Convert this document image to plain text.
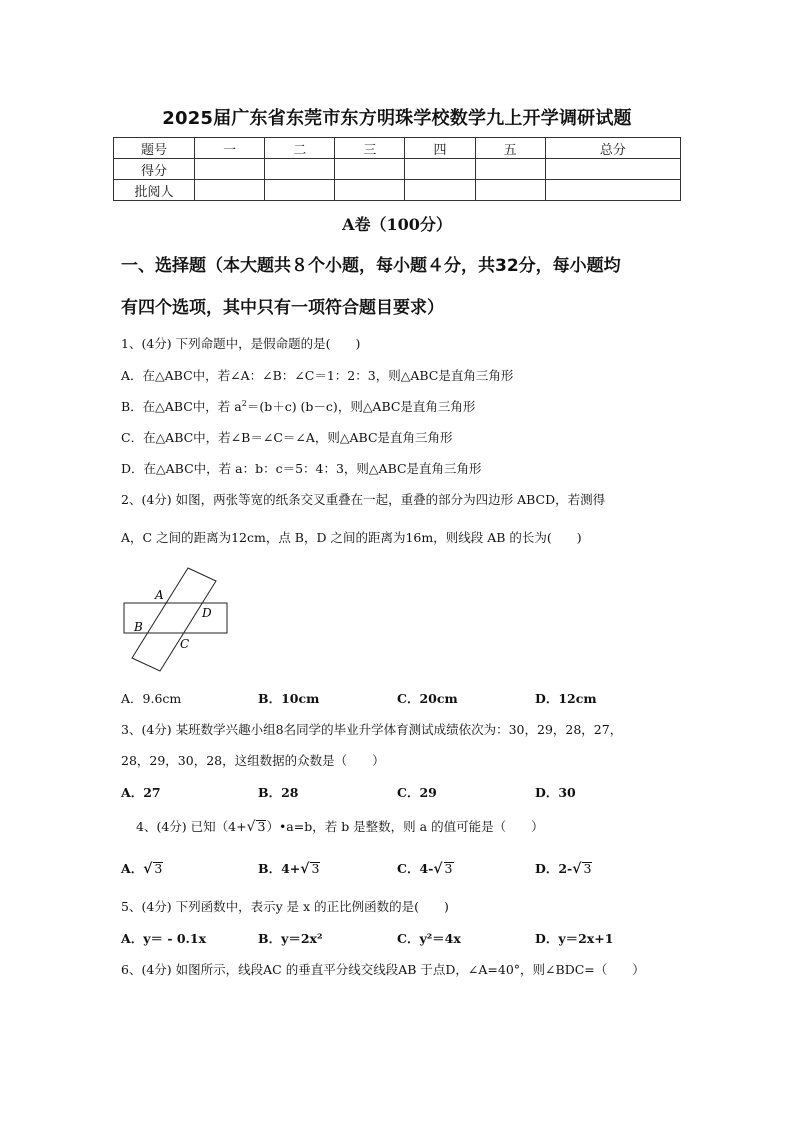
2025届广东省东莞市东方明珠学校数学九上开学调研试题
题号	一	二	三	四	五	总分
得分						
批阅人						
A卷（100分）
一、选择题（本大题共８个小题，每小题４分，共32分，每小题均
有四个选项，其中只有一项符合题目要求）
1、(4分) 下列命题中，是假命题的是(　　)
A．在△ABC中，若∠A：∠B：∠C＝1：2：3，则△ABC是直角三角形
B．在△ABC中，若 $a^2=(b+c)$ (b－c)，则△ABC是直角三角形
C．在△ABC中，若∠B＝∠C＝∠A，则△ABC是直角三角形
D．在△ABC中，若 a：b：c＝5：4：3，则△ABC是直角三角形
2、(4分) 如图，两张等宽的纸条交叉重叠在一起，重叠的部分为四边形 ABCD，若测得
A，C 之间的距离为12cm，点 B，D 之间的距离为16m，则线段 AB 的长为(　　)
A
D
B
C
A．9.6cm	B．10cm	C．20cm	D．12cm
3、(4分) 某班数学兴趣小组8名同学的毕业升学体育测试成绩依次为：30，29，28，27，
28，29，30，28，这组数据的众数是（　　）
A．27	B．28	C．29	D．30
4、(4分) 已知（4+√ 3）•a=b，若 b 是整数，则 a 的值可能是（　　）
A．√ 3	B．4+√ 3	C．4-√ 3	D．2-√ 3
5、(4分) 下列函数中，表示y 是 x 的正比例函数的是(　　)
A．y＝ - 0.1x	B．y＝2x²	C．y²＝4x	D．y＝2x+1
6、(4分) 如图所示，线段AC 的垂直平分线交线段AB 于点D，∠A=40°，则∠BDC=（　　）
